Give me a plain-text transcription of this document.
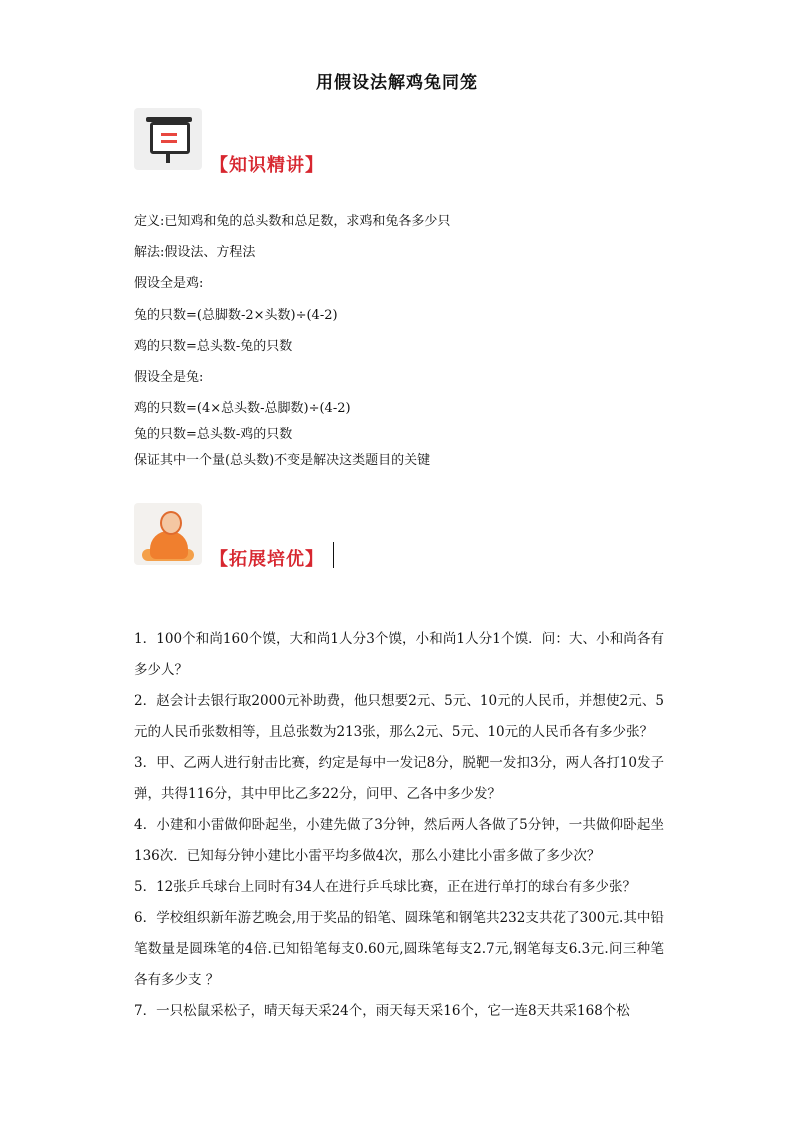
用假设法解鸡兔同笼
【知识精讲】
定义:已知鸡和兔的总头数和总足数，求鸡和兔各多少只
解法:假设法、方程法
假设全是鸡:
兔的只数=(总脚数-2×头数)÷(4-2)
鸡的只数=总头数-兔的只数
假设全是兔:
鸡的只数=(4×总头数-总脚数)÷(4-2)
兔的只数=总头数-鸡的只数
保证其中一个量(总头数)不变是解决这类题目的关键
【拓展培优】
1．100个和尚160个馍，大和尚1人分3个馍，小和尚1人分1个馍．问：大、小和尚各有多少人？
2．赵会计去银行取2000元补助费，他只想要2元、5元、10元的人民币，并想使2元、5元的人民币张数相等，且总张数为213张，那么2元、5元、10元的人民币各有多少张？
3．甲、乙两人进行射击比赛，约定是每中一发记8分，脱靶一发扣3分，两人各打10发子弹，共得116分，其中甲比乙多22分，问甲、乙各中多少发？
4．小建和小雷做仰卧起坐，小建先做了3分钟，然后两人各做了5分钟，一共做仰卧起坐136次．已知每分钟小建比小雷平均多做4次，那么小建比小雷多做了多少次？
5．12张乒乓球台上同时有34人在进行乒乓球比赛，正在进行单打的球台有多少张？
6．学校组织新年游艺晚会,用于奖品的铅笔、圆珠笔和钢笔共232支共花了300元.其中铅笔数量是圆珠笔的4倍.已知铅笔每支0.60元,圆珠笔每支2.7元,钢笔每支6.3元.问三种笔各有多少支 ？
7．一只松鼠采松子，晴天每天采24个，雨天每天采16个，它一连8天共采168个松
